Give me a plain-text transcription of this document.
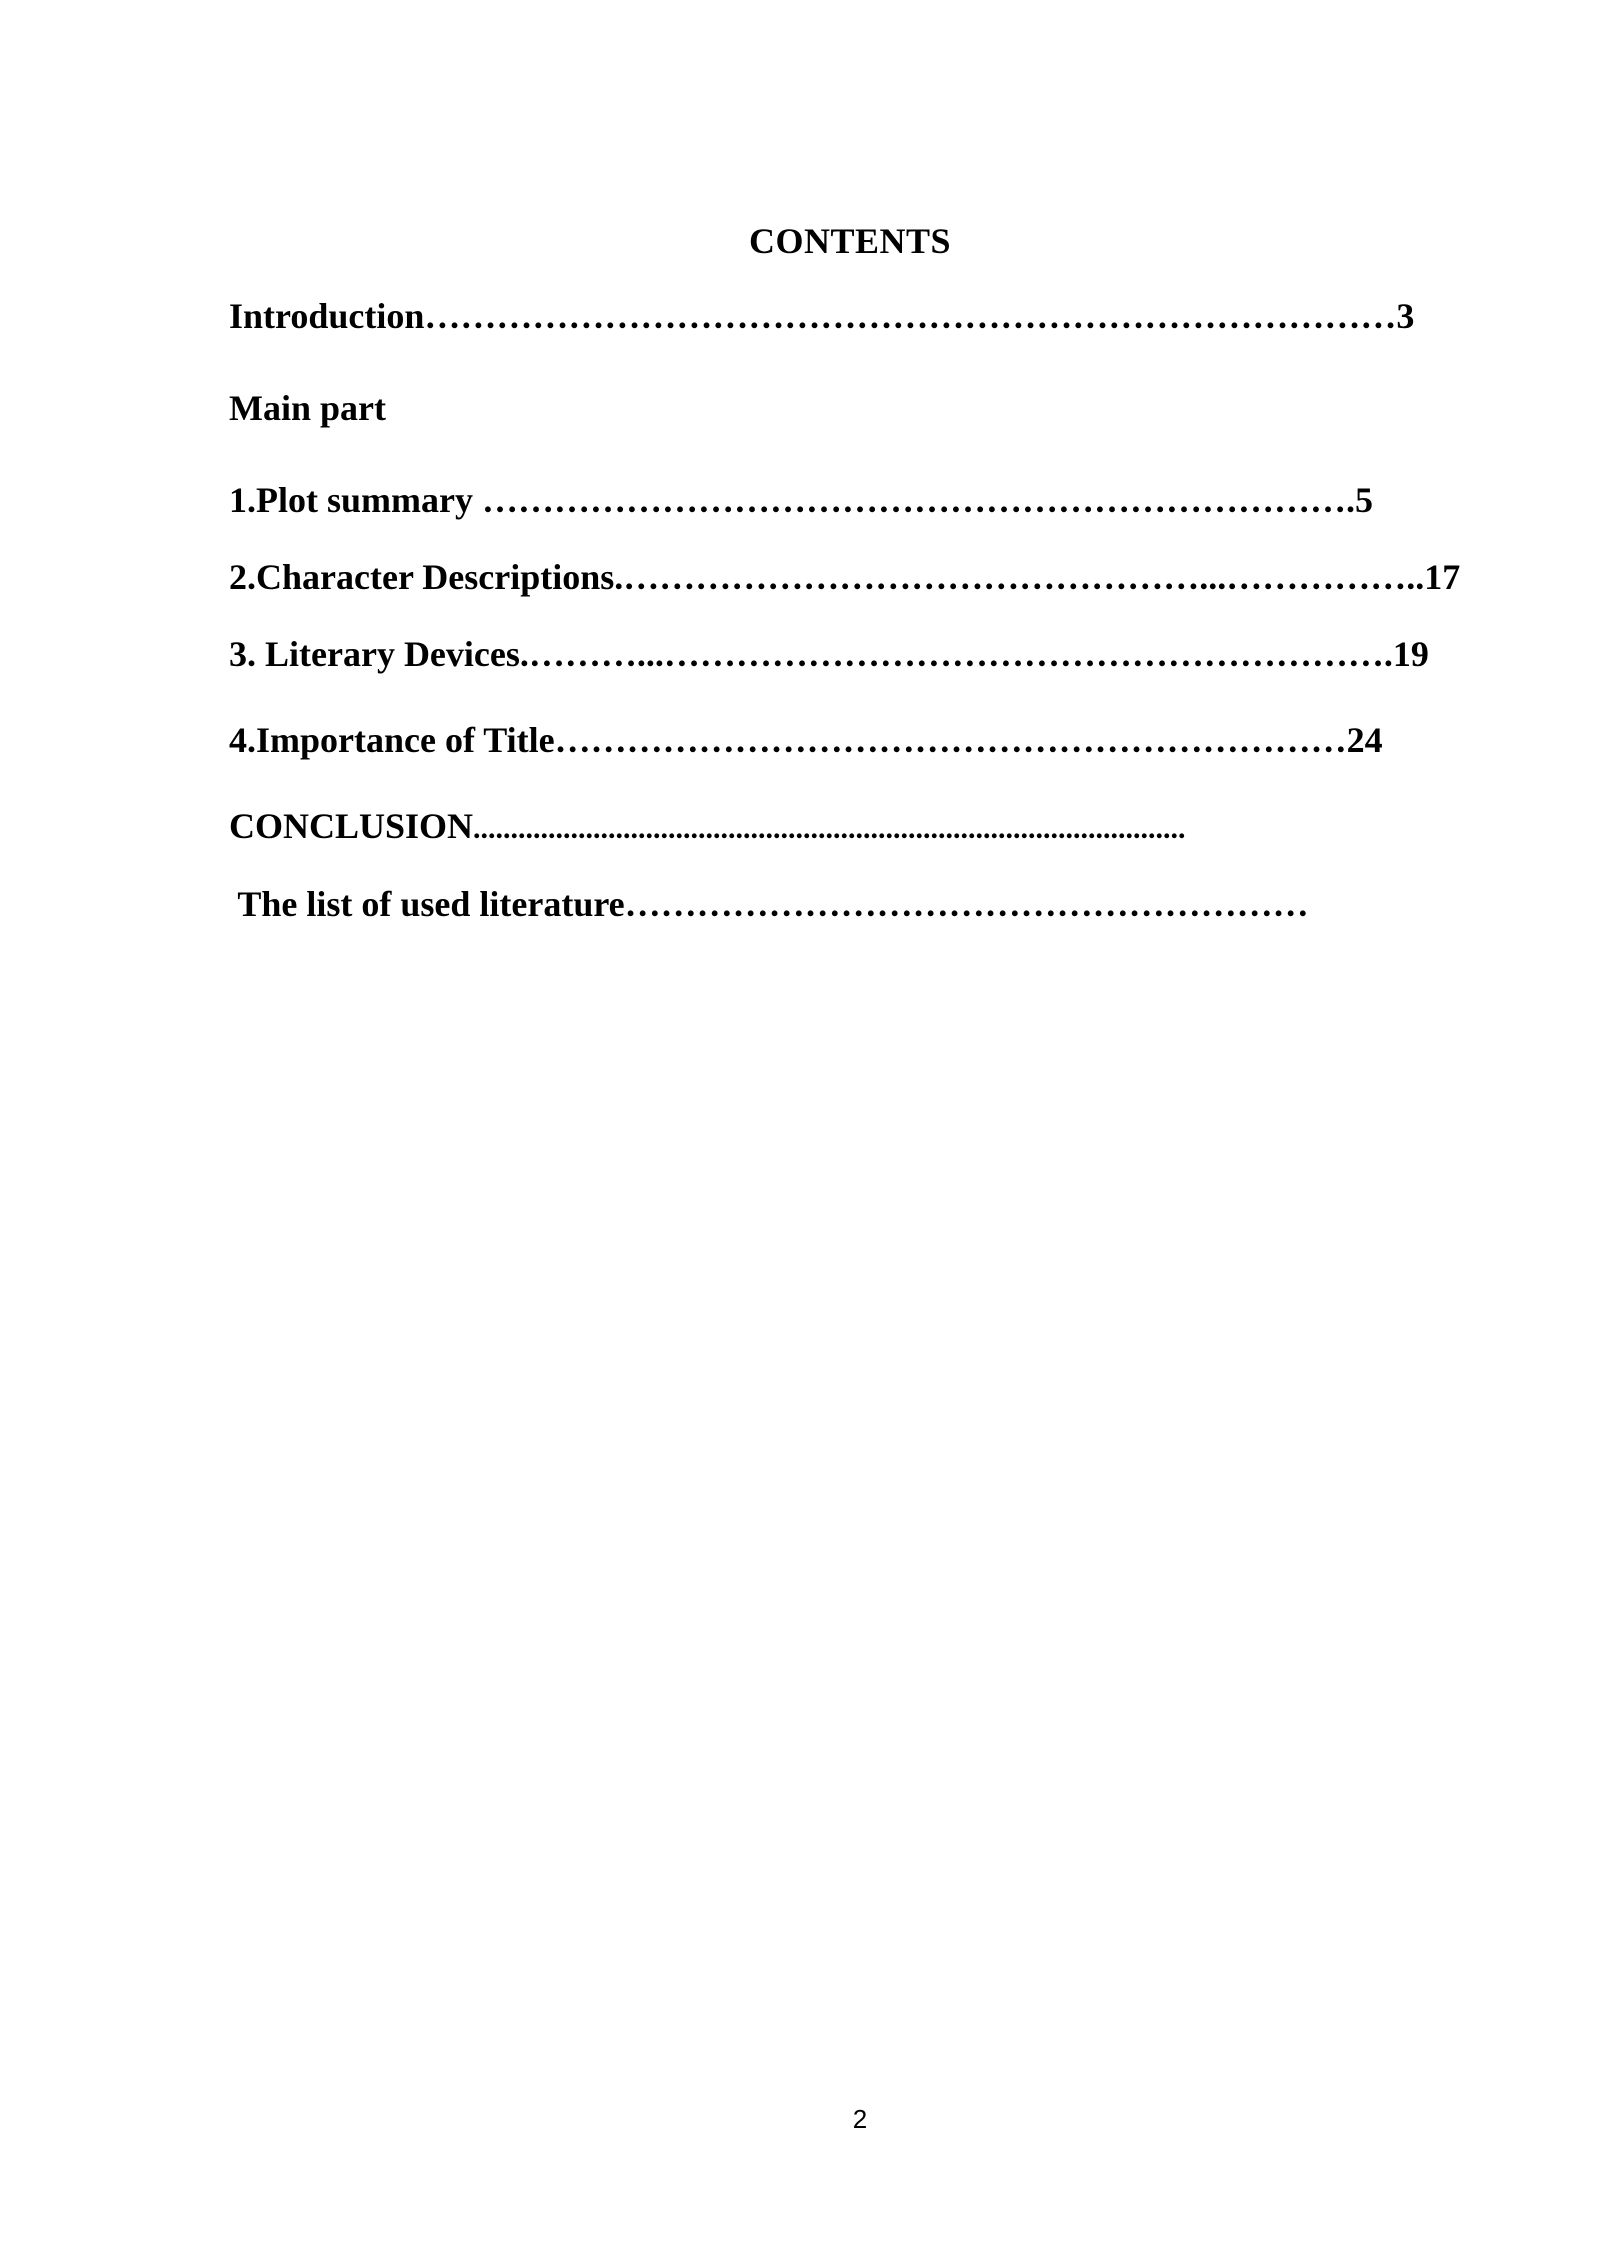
CONTENTS
Introduction………………………………………………………………………3
Main part
1.Plot summary ……………………………………………………………….5
2.Character Descriptions.…………………………………………...……………..17
3. Literary Devices.………...…………………………………………………….19
4.Importance of Title…………………………………………………………24
CONCLUSION...............................................................................................
The list of used literature…………………………………………………
2
